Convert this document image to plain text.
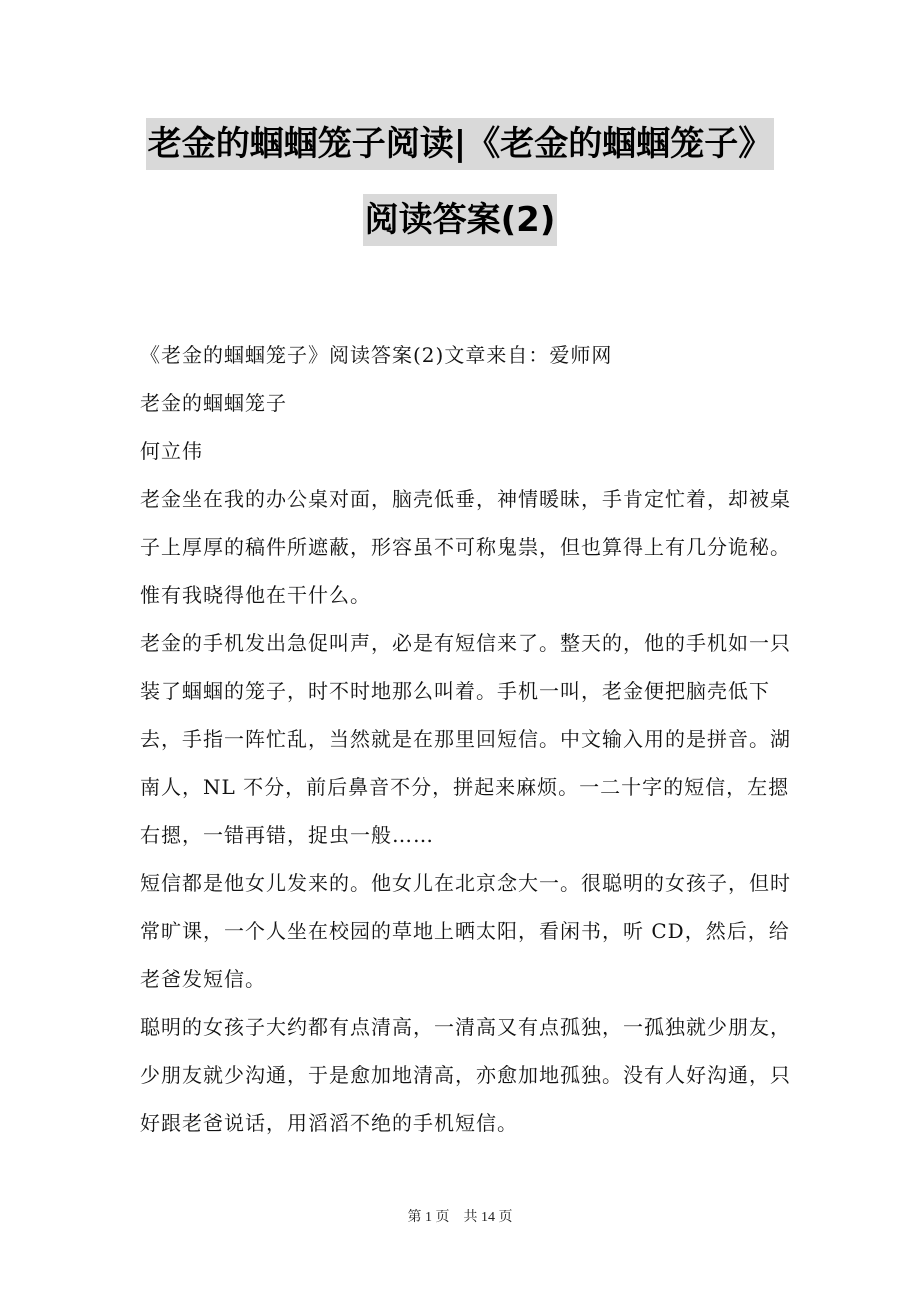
老金的蝈蝈笼子阅读|《老金的蝈蝈笼子》
阅读答案(2)

《老金的蝈蝈笼子》阅读答案(2)文章来自：爱师网

老金的蝈蝈笼子

何立伟

老金坐在我的办公桌对面，脑壳低垂，神情暖昧，手肯定忙着，却被桌子上厚厚的稿件所遮蔽，形容虽不可称鬼祟，但也算得上有几分诡秘。

惟有我晓得他在干什么。

老金的手机发出急促叫声，必是有短信来了。整天的，他的手机如一只装了蝈蝈的笼子，时不时地那么叫着。手机一叫，老金便把脑壳低下去，手指一阵忙乱，当然就是在那里回短信。中文输入用的是拼音。湖南人，NL 不分，前后鼻音不分，拼起来麻烦。一二十字的短信，左摁右摁，一错再错，捉虫一般……

短信都是他女儿发来的。他女儿在北京念大一。很聪明的女孩子，但时常旷课，一个人坐在校园的草地上晒太阳，看闲书，听 CD，然后，给老爸发短信。

聪明的女孩子大约都有点清高，一清高又有点孤独，一孤独就少朋友，少朋友就少沟通，于是愈加地清高，亦愈加地孤独。没有人好沟通，只好跟老爸说话，用滔滔不绝的手机短信。

第 1 页　共 14 页
